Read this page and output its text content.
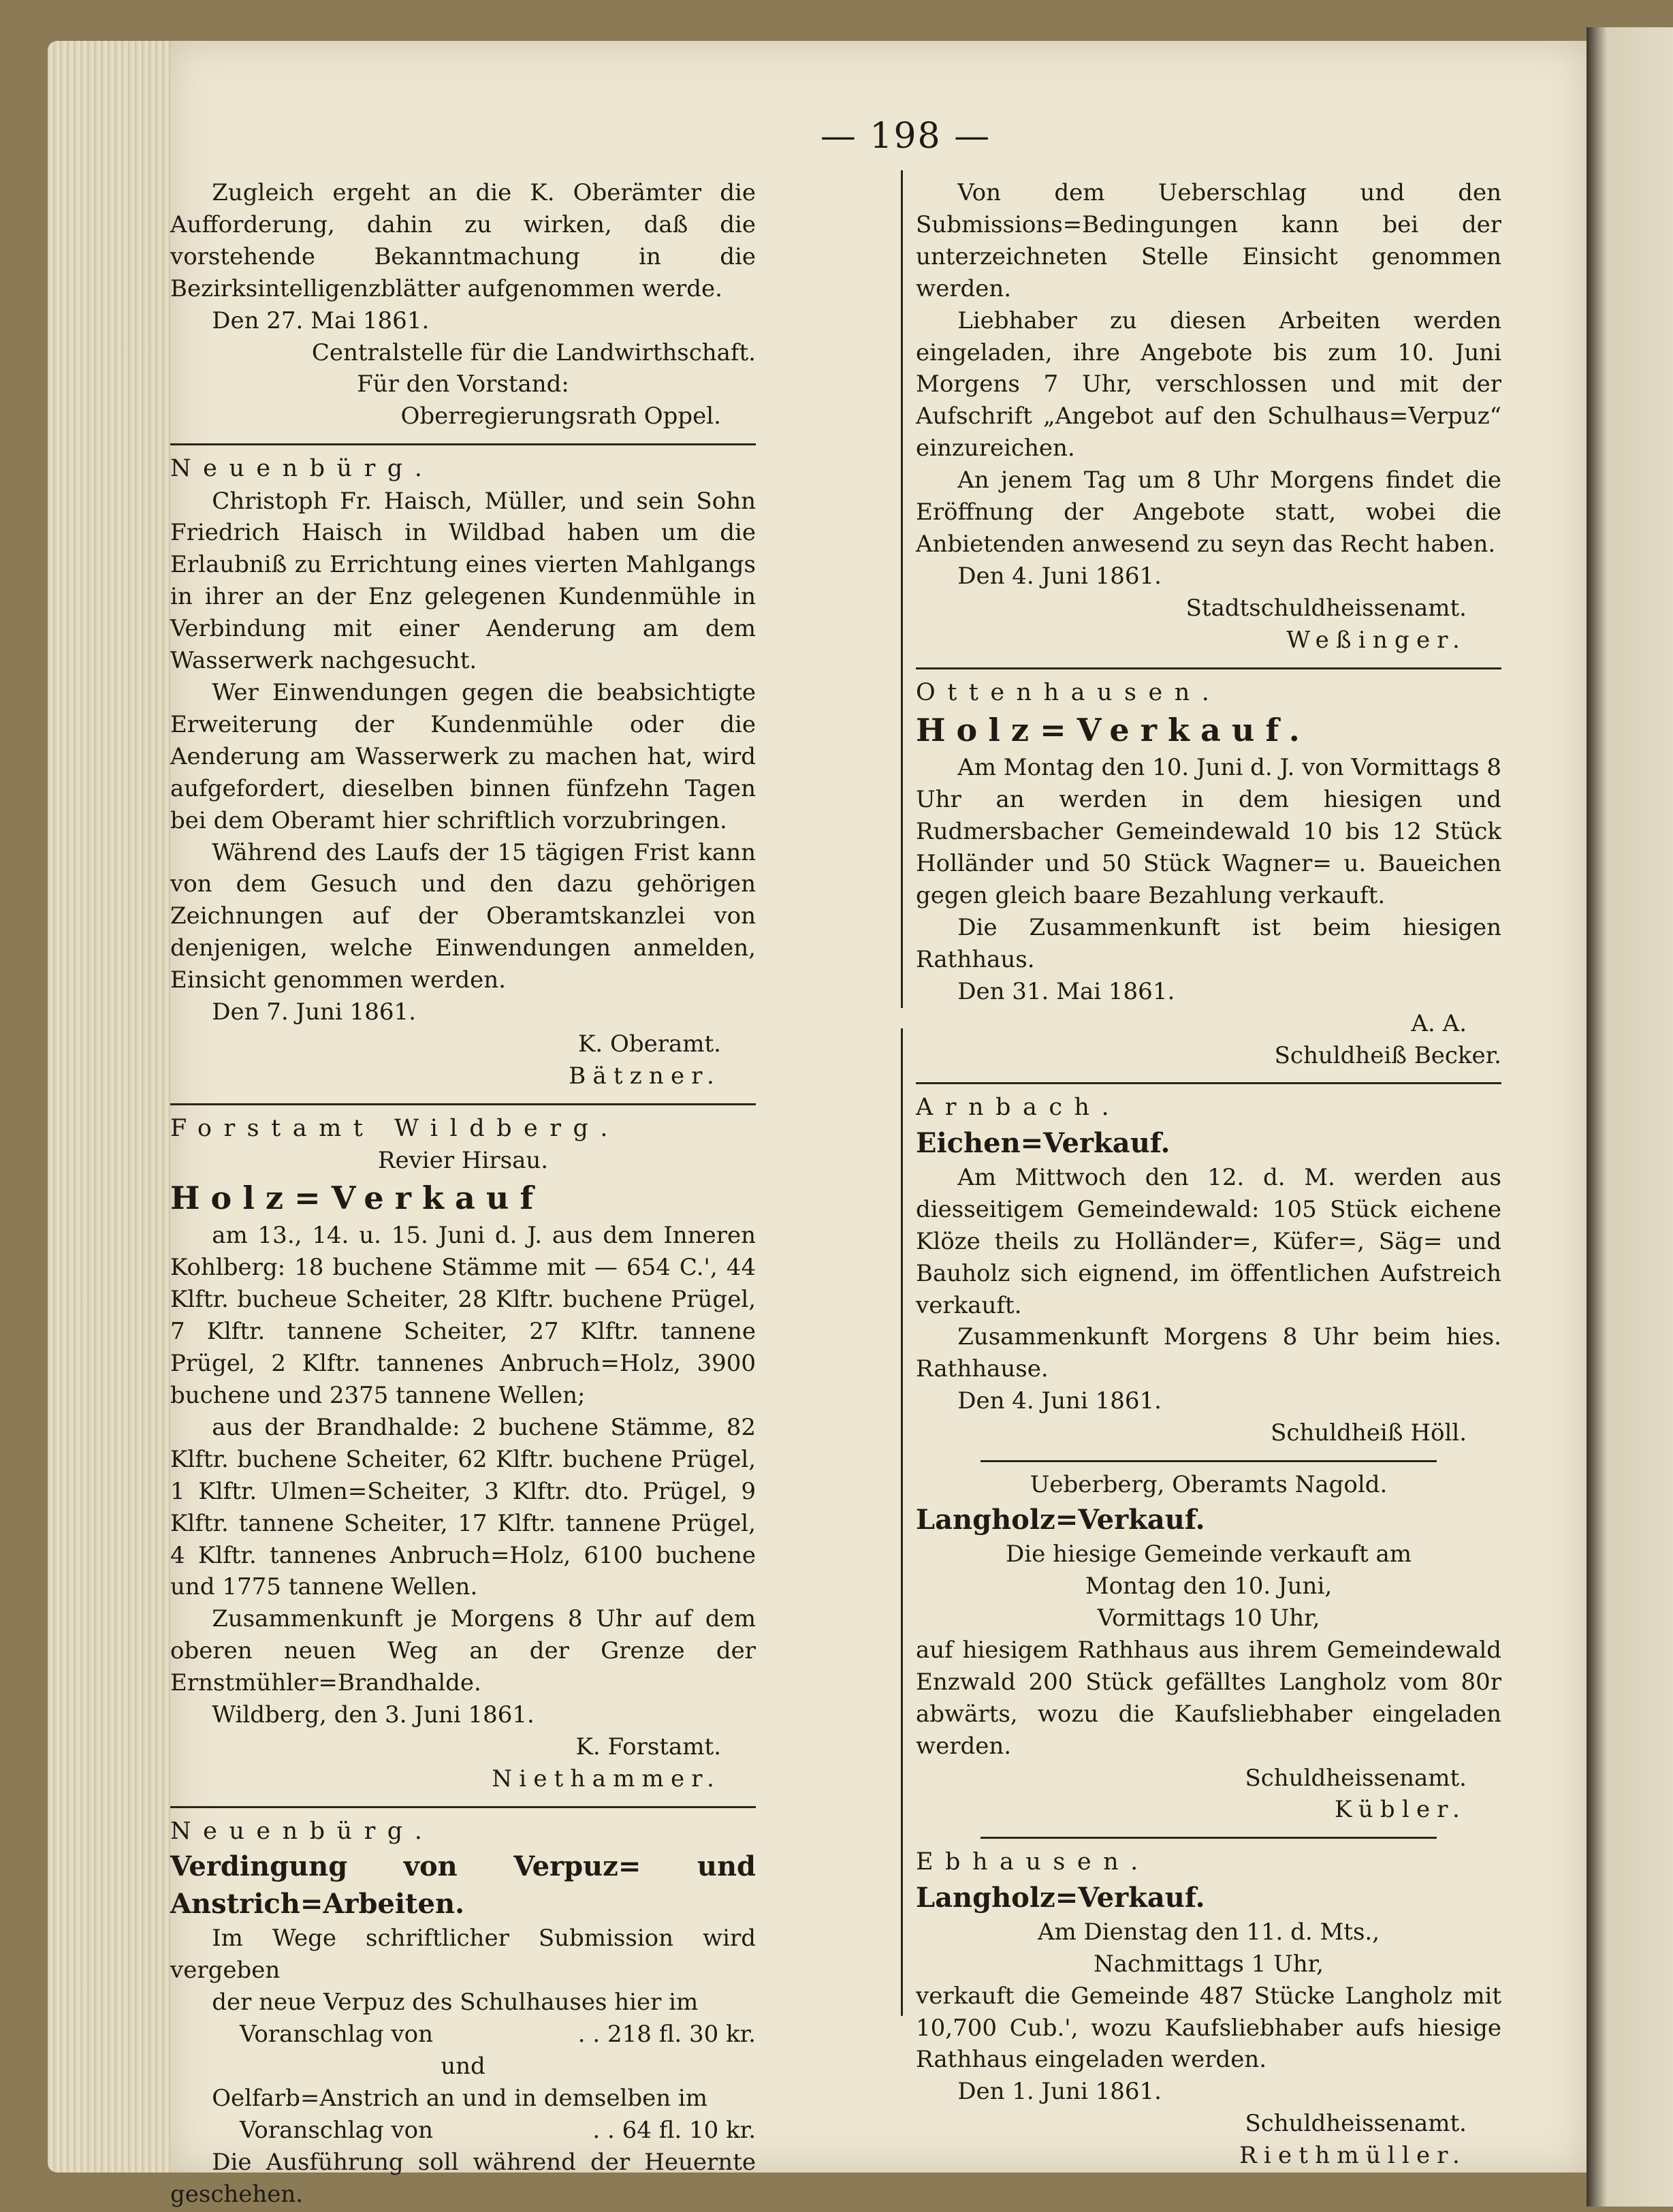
— 198 —

Zugleich ergeht an die K. Oberämter die Aufforderung, dahin zu wirken, daß die vorstehende Bekanntmachung in die Bezirksintelligenzblätter aufgenommen werde.

Den 27. Mai 1861.

Centralstelle für die Landwirthschaft.

Für den Vorstand:

Oberregierungsrath Oppel.

Neuenbürg.

Christoph Fr. Haisch, Müller, und sein Sohn Friedrich Haisch in Wildbad haben um die Erlaubniß zu Errichtung eines vierten Mahlgangs in ihrer an der Enz gelegenen Kundenmühle in Verbindung mit einer Aenderung am dem Wasserwerk nachgesucht.

Wer Einwendungen gegen die beabsichtigte Erweiterung der Kundenmühle oder die Aenderung am Wasserwerk zu machen hat, wird aufgefordert, dieselben binnen fünfzehn Tagen bei dem Oberamt hier schriftlich vorzubringen.

Während des Laufs der 15 tägigen Frist kann von dem Gesuch und den dazu gehörigen Zeichnungen auf der Oberamtskanzlei von denjenigen, welche Einwendungen anmelden, Einsicht genommen werden.

Den 7. Juni 1861.

K. Oberamt.

Bätzner.

Forstamt Wildberg.

Revier Hirsau.

Holz=Verkauf

am 13., 14. u. 15. Juni d. J. aus dem Inneren Kohlberg: 18 buchene Stämme mit — 654 C.', 44 Klftr. bucheue Scheiter, 28 Klftr. buchene Prügel, 7 Klftr. tannene Scheiter, 27 Klftr. tannene Prügel, 2 Klftr. tannenes Anbruch=Holz, 3900 buchene und 2375 tannene Wellen;

aus der Brandhalde: 2 buchene Stämme, 82 Klftr. buchene Scheiter, 62 Klftr. buchene Prügel, 1 Klftr. Ulmen=Scheiter, 3 Klftr. dto. Prügel, 9 Klftr. tannene Scheiter, 17 Klftr. tannene Prügel, 4 Klftr. tannenes Anbruch=Holz, 6100 buchene und 1775 tannene Wellen.

Zusammenkunft je Morgens 8 Uhr auf dem oberen neuen Weg an der Grenze der Ernstmühler=Brandhalde.

Wildberg, den 3. Juni 1861.

K. Forstamt.

Niethammer.

Neuenbürg.

Verdingung von Verpuz= und Anstrich=Arbeiten.

Im Wege schriftlicher Submission wird vergeben

der neue Verpuz des Schulhauses hier im

Voranschlag von	. . 218 fl. 30 kr.

und

Oelfarb=Anstrich an und in demselben im

Voranschlag von	. . 64 fl. 10 kr.

Die Ausführung soll während der Heuernte geschehen.

Von dem Ueberschlag und den Submissions=Bedingungen kann bei der unterzeichneten Stelle Einsicht genommen werden.

Liebhaber zu diesen Arbeiten werden eingeladen, ihre Angebote bis zum 10. Juni Morgens 7 Uhr, verschlossen und mit der Aufschrift „Angebot auf den Schulhaus=Verpuz“ einzureichen.

An jenem Tag um 8 Uhr Morgens findet die Eröffnung der Angebote statt, wobei die Anbietenden anwesend zu seyn das Recht haben.

Den 4. Juni 1861.

Stadtschuldheissenamt.

Weßinger.

Ottenhausen.

Holz=Verkauf.

Am Montag den 10. Juni d. J. von Vormittags 8 Uhr an werden in dem hiesigen und Rudmersbacher Gemeindewald 10 bis 12 Stück Holländer und 50 Stück Wagner= u. Baueichen gegen gleich baare Bezahlung verkauft.

Die Zusammenkunft ist beim hiesigen Rathhaus.

Den 31. Mai 1861.

A. A.

Schuldheiß Becker.

Arnbach.

Eichen=Verkauf.

Am Mittwoch den 12. d. M. werden aus diesseitigem Gemeindewald: 105 Stück eichene Klöze theils zu Holländer=, Küfer=, Säg= und Bauholz sich eignend, im öffentlichen Aufstreich verkauft.

Zusammenkunft Morgens 8 Uhr beim hies. Rathhause.

Den 4. Juni 1861.

Schuldheiß Höll.

Ueberberg, Oberamts Nagold.

Langholz=Verkauf.

Die hiesige Gemeinde verkauft am

Montag den 10. Juni,

Vormittags 10 Uhr,

auf hiesigem Rathhaus aus ihrem Gemeindewald Enzwald 200 Stück gefälltes Langholz vom 80r abwärts, wozu die Kaufsliebhaber eingeladen werden.

Schuldheissenamt.

Kübler.

Ebhausen.

Langholz=Verkauf.

Am Dienstag den 11. d. Mts.,

Nachmittags 1 Uhr,

verkauft die Gemeinde 487 Stücke Langholz mit 10,700 Cub.', wozu Kaufsliebhaber aufs hiesige Rathhaus eingeladen werden.

Den 1. Juni 1861.

Schuldheissenamt.

Riethmüller.
